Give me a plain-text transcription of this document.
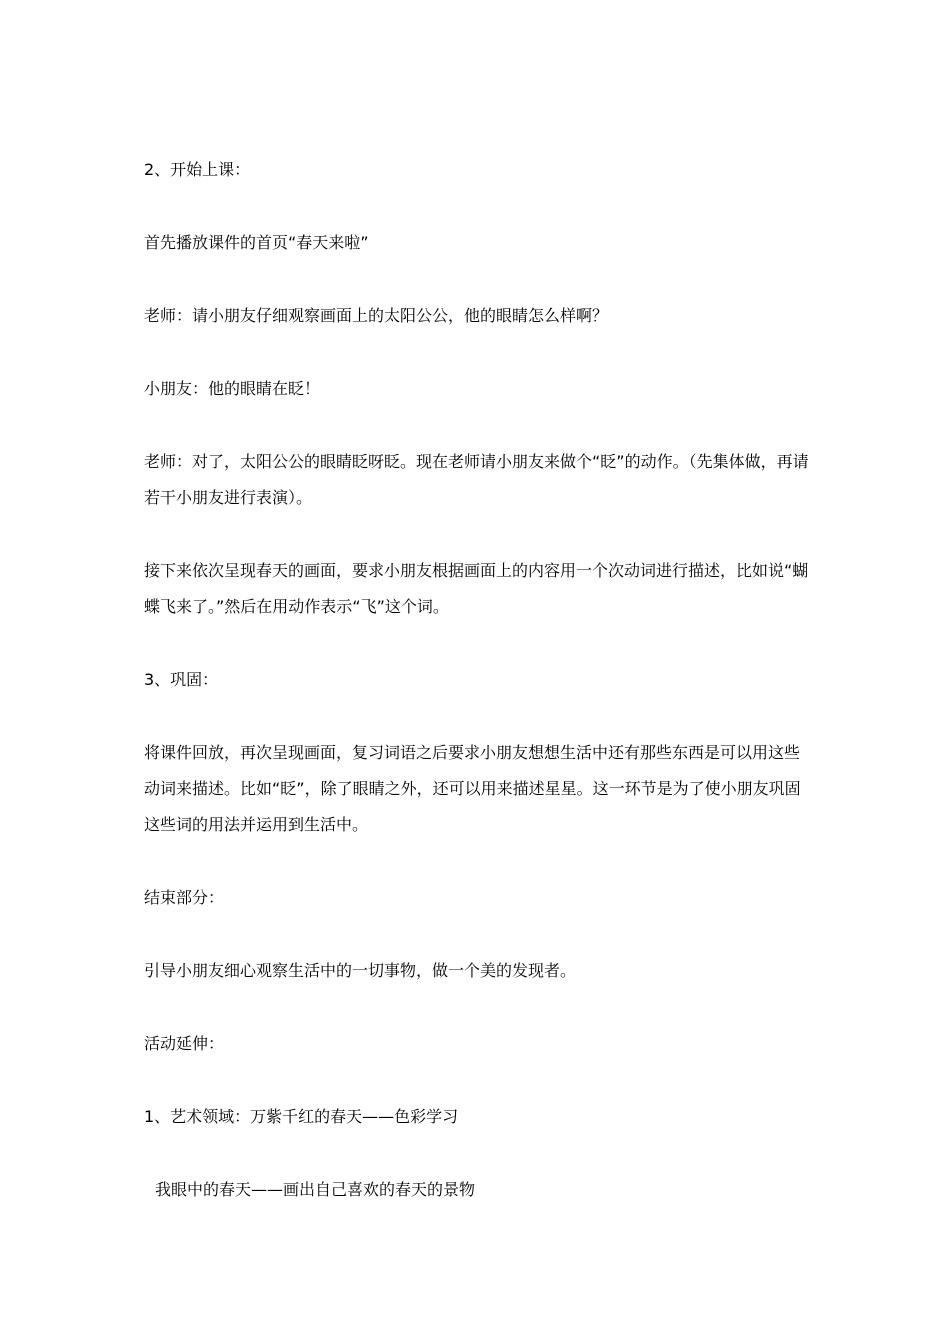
2、开始上课：

首先播放课件的首页“春天来啦”

老师：请小朋友仔细观察画面上的太阳公公，他的眼睛怎么样啊？

小朋友：他的眼睛在眨！

老师：对了，太阳公公的眼睛眨呀眨。现在老师请小朋友来做个“眨”的动作。（先集体做，再请若干小朋友进行表演）。

接下来依次呈现春天的画面，要求小朋友根据画面上的内容用一个次动词进行描述，比如说“蝴蝶飞来了。”然后在用动作表示“飞”这个词。

3、巩固：

将课件回放，再次呈现画面，复习词语之后要求小朋友想想生活中还有那些东西是可以用这些动词来描述。比如“眨”，除了眼睛之外，还可以用来描述星星。这一环节是为了使小朋友巩固这些词的用法并运用到生活中。

结束部分：

引导小朋友细心观察生活中的一切事物，做一个美的发现者。

活动延伸：

1、艺术领域：万紫千红的春天——色彩学习

我眼中的春天——画出自己喜欢的春天的景物
